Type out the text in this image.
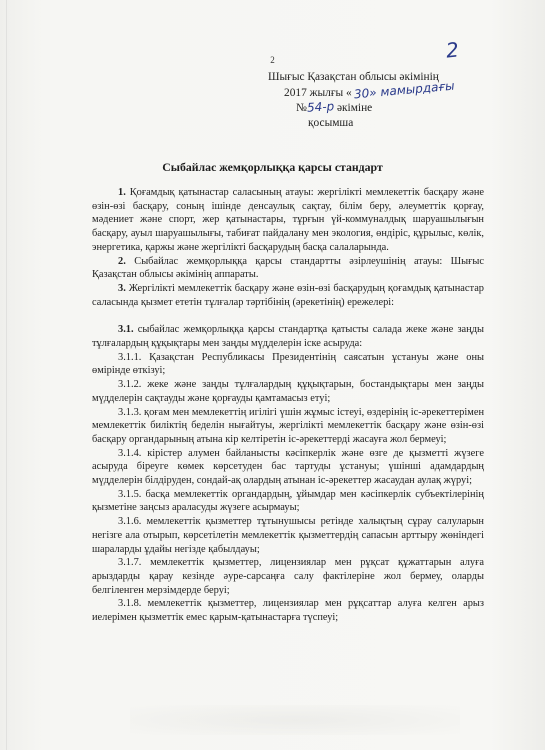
2	2
Шығыс Қазақстан облысы әкімінің
2017 жылғы «30» мамырдағы
№54-р әкіміне
қосымша
Сыбайлас жемқорлыққа қарсы стандарт

1. Қоғамдық қатынастар саласының атауы: жергілікті мемлекеттік басқару және өзін-өзі басқару, соның ішінде денсаулық сақтау, білім беру, әлеуметтік қорғау, мәдениет және спорт, жер қатынастары, тұрғын үй-коммуналдық шаруашылығын басқару, ауыл шаруашылығы, табиғат пайдалану мен экология, өндіріс, құрылыс, көлік, энергетика, қаржы және жергілікті басқарудың басқа салаларында.

2. Сыбайлас жемқорлыққа қарсы стандартты әзірлеушінің атауы: Шығыс Қазақстан облысы әкімінің аппараты.

3. Жергілікті мемлекеттік басқару және өзін-өзі басқарудың қоғамдық қатынастар саласында қызмет ететін тұлғалар тәртібінің (әрекетінің) ережелері:

3.1. сыбайлас жемқорлыққа қарсы стандартқа қатысты салада жеке және заңды тұлғалардың құқықтары мен заңды мүдделерін іске асыруда:

3.1.1. Қазақстан Республикасы Президентінің саясатын ұстануы және оны өмірінде өткізуі;

3.1.2. жеке және заңды тұлғалардың құқықтарын, бостандықтары мен заңды мүдделерін сақтауды және қорғауды қамтамасыз етуі;

3.1.3. қоғам мен мемлекеттің игілігі үшін жұмыс істеуі, өздерінің іс-әрекеттерімен мемлекеттік биліктің беделін нығайтуы, жергілікті мемлекеттік басқару және өзін-өзі басқару органдарының атына кір келтіретін іс-әрекеттерді жасауға жол бермеуі;

3.1.4. кірістер алумен байланысты кәсіпкерлік және өзге де қызметті жүзеге асыруда біреуге көмек көрсетуден бас тартуды ұстануы; үшінші адамдардың мүдделерін білдіруден, сондай-ақ олардың атынан іс-әрекеттер жасаудан аулақ жүруі;

3.1.5. басқа мемлекеттік органдардың, ұйымдар мен кәсіпкерлік субъектілерінің қызметіне заңсыз араласуды жүзеге асырмауы;

3.1.6. мемлекеттік қызметтер тұтынушысы ретінде халықтың сұрау салуларын негізге ала отырып, көрсетілетін мемлекеттік қызметтердің сапасын арттыру жөніндегі шараларды ұдайы негізде қабылдауы;

3.1.7. мемлекеттік қызметтер, лицензиялар мен рұқсат құжаттарын алуға арыздарды қарау кезінде әуре-сарсаңға салу фактілеріне жол бермеу, оларды белгіленген мерзімдерде беруі;

3.1.8. мемлекеттік қызметтер, лицензиялар мен рұқсаттар алуға келген арыз иелерімен қызметтік емес қарым-қатынастарға түспеуі;
